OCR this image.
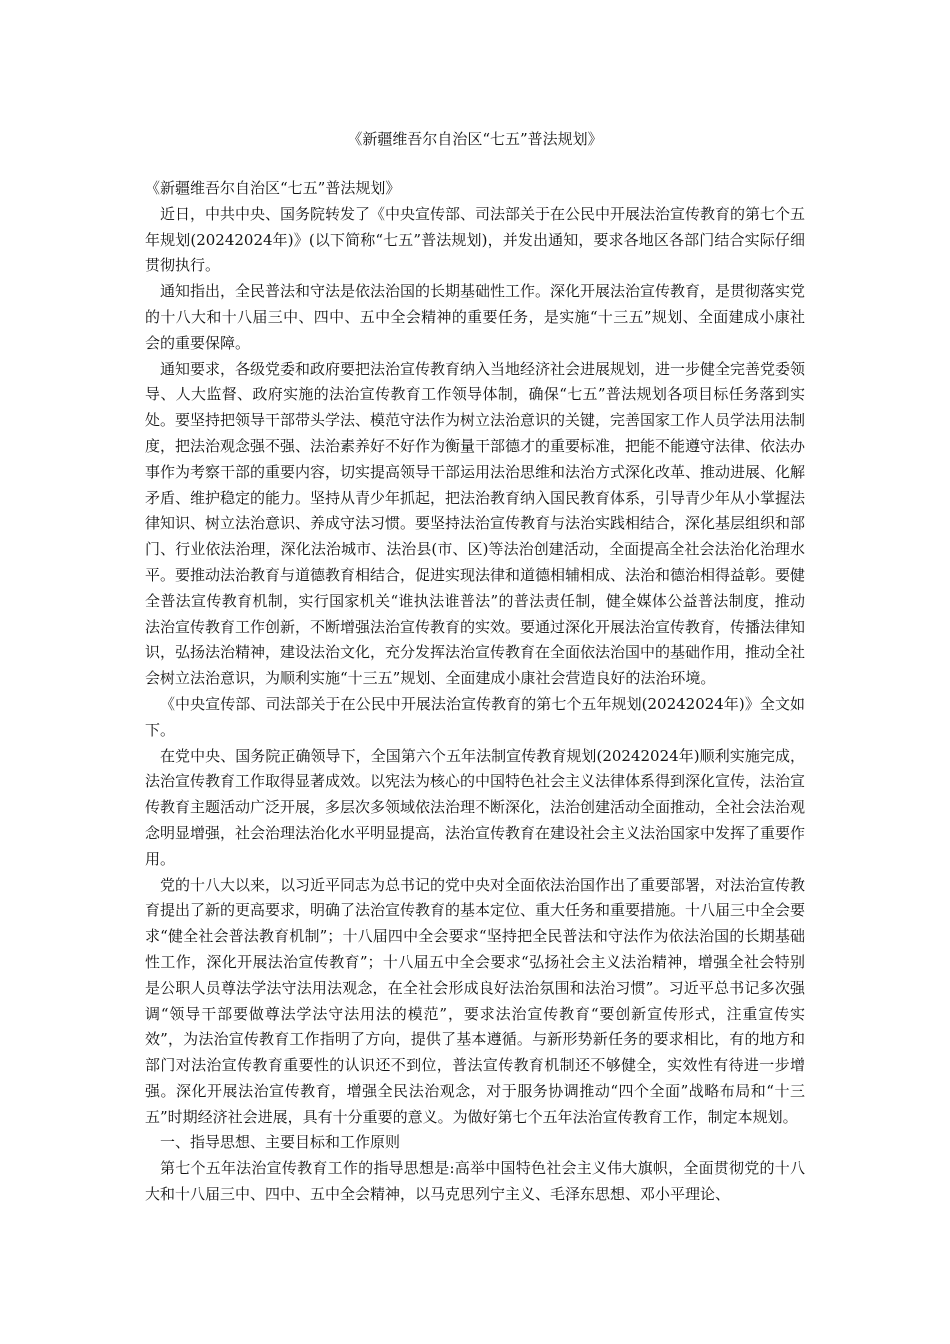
《新疆维吾尔自治区“七五”普法规划》

《新疆维吾尔自治区“七五”普法规划》

近日，中共中央、国务院转发了《中央宣传部、司法部关于在公民中开展法治宣传教育的第七个五年规划(20242024年)》(以下简称“七五”普法规划)，并发出通知，要求各地区各部门结合实际仔细贯彻执行。

通知指出，全民普法和守法是依法治国的长期基础性工作。深化开展法治宣传教育，是贯彻落实党的十八大和十八届三中、四中、五中全会精神的重要任务，是实施“十三五”规划、全面建成小康社会的重要保障。

通知要求，各级党委和政府要把法治宣传教育纳入当地经济社会进展规划，进一步健全完善党委领导、人大监督、政府实施的法治宣传教育工作领导体制，确保“七五”普法规划各项目标任务落到实处。要坚持把领导干部带头学法、模范守法作为树立法治意识的关键，完善国家工作人员学法用法制度，把法治观念强不强、法治素养好不好作为衡量干部德才的重要标准，把能不能遵守法律、依法办事作为考察干部的重要内容，切实提高领导干部运用法治思维和法治方式深化改革、推动进展、化解矛盾、维护稳定的能力。坚持从青少年抓起，把法治教育纳入国民教育体系，引导青少年从小掌握法律知识、树立法治意识、养成守法习惯。要坚持法治宣传教育与法治实践相结合，深化基层组织和部门、行业依法治理，深化法治城市、法治县(市、区)等法治创建活动，全面提高全社会法治化治理水平。要推动法治教育与道德教育相结合，促进实现法律和道德相辅相成、法治和德治相得益彰。要健全普法宣传教育机制，实行国家机关“谁执法谁普法”的普法责任制，健全媒体公益普法制度，推动法治宣传教育工作创新，不断增强法治宣传教育的实效。要通过深化开展法治宣传教育，传播法律知识，弘扬法治精神，建设法治文化，充分发挥法治宣传教育在全面依法治国中的基础作用，推动全社会树立法治意识，为顺利实施“十三五”规划、全面建成小康社会营造良好的法治环境。

《中央宣传部、司法部关于在公民中开展法治宣传教育的第七个五年规划(20242024年)》全文如下。

在党中央、国务院正确领导下，全国第六个五年法制宣传教育规划(20242024年)顺利实施完成，法治宣传教育工作取得显著成效。以宪法为核心的中国特色社会主义法律体系得到深化宣传，法治宣传教育主题活动广泛开展，多层次多领域依法治理不断深化，法治创建活动全面推动，全社会法治观念明显增强，社会治理法治化水平明显提高，法治宣传教育在建设社会主义法治国家中发挥了重要作用。

党的十八大以来，以习近平同志为总书记的党中央对全面依法治国作出了重要部署，对法治宣传教育提出了新的更高要求，明确了法治宣传教育的基本定位、重大任务和重要措施。十八届三中全会要求“健全社会普法教育机制”；十八届四中全会要求“坚持把全民普法和守法作为依法治国的长期基础性工作，深化开展法治宣传教育”；十八届五中全会要求“弘扬社会主义法治精神，增强全社会特别是公职人员尊法学法守法用法观念，在全社会形成良好法治氛围和法治习惯”。习近平总书记多次强调“领导干部要做尊法学法守法用法的模范”，要求法治宣传教育“要创新宣传形式，注重宣传实效”，为法治宣传教育工作指明了方向，提供了基本遵循。与新形势新任务的要求相比，有的地方和部门对法治宣传教育重要性的认识还不到位，普法宣传教育机制还不够健全，实效性有待进一步增强。深化开展法治宣传教育，增强全民法治观念，对于服务协调推动“四个全面”战略布局和“十三五”时期经济社会进展，具有十分重要的意义。为做好第七个五年法治宣传教育工作，制定本规划。

一、指导思想、主要目标和工作原则

第七个五年法治宣传教育工作的指导思想是:高举中国特色社会主义伟大旗帜，全面贯彻党的十八大和十八届三中、四中、五中全会精神，以马克思列宁主义、毛泽东思想、邓小平理论、
